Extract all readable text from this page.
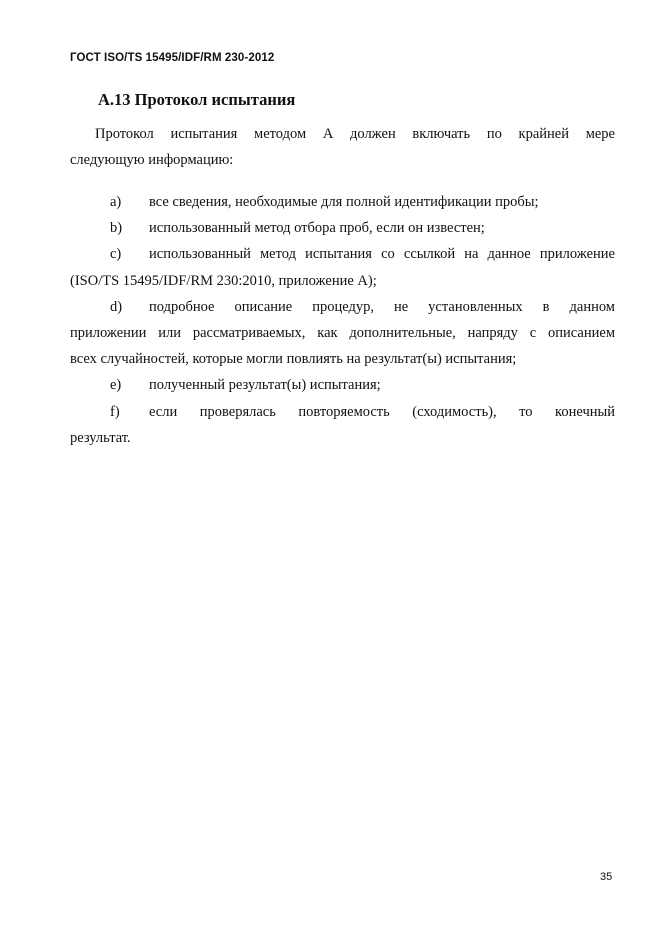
ГОСТ ISO/TS 15495/IDF/RM 230-2012
А.13 Протокол испытания
Протокол испытания методом А должен включать по крайней мере
следующую информацию:
a) все сведения, необходимые для полной идентификации пробы;
b) использованный метод отбора проб, если он известен;
c) использованный метод испытания со ссылкой на данное приложение
(ISO/TS 15495/IDF/RM 230:2010, приложение А);
d) подробное описание процедур, не установленных в данном
приложении или рассматриваемых, как дополнительные, напряду с описанием
всех случайностей, которые могли повлиять на результат(ы) испытания;
e) полученный результат(ы) испытания;
f) если проверялась повторяемость (сходимость), то конечный
результат.
35
